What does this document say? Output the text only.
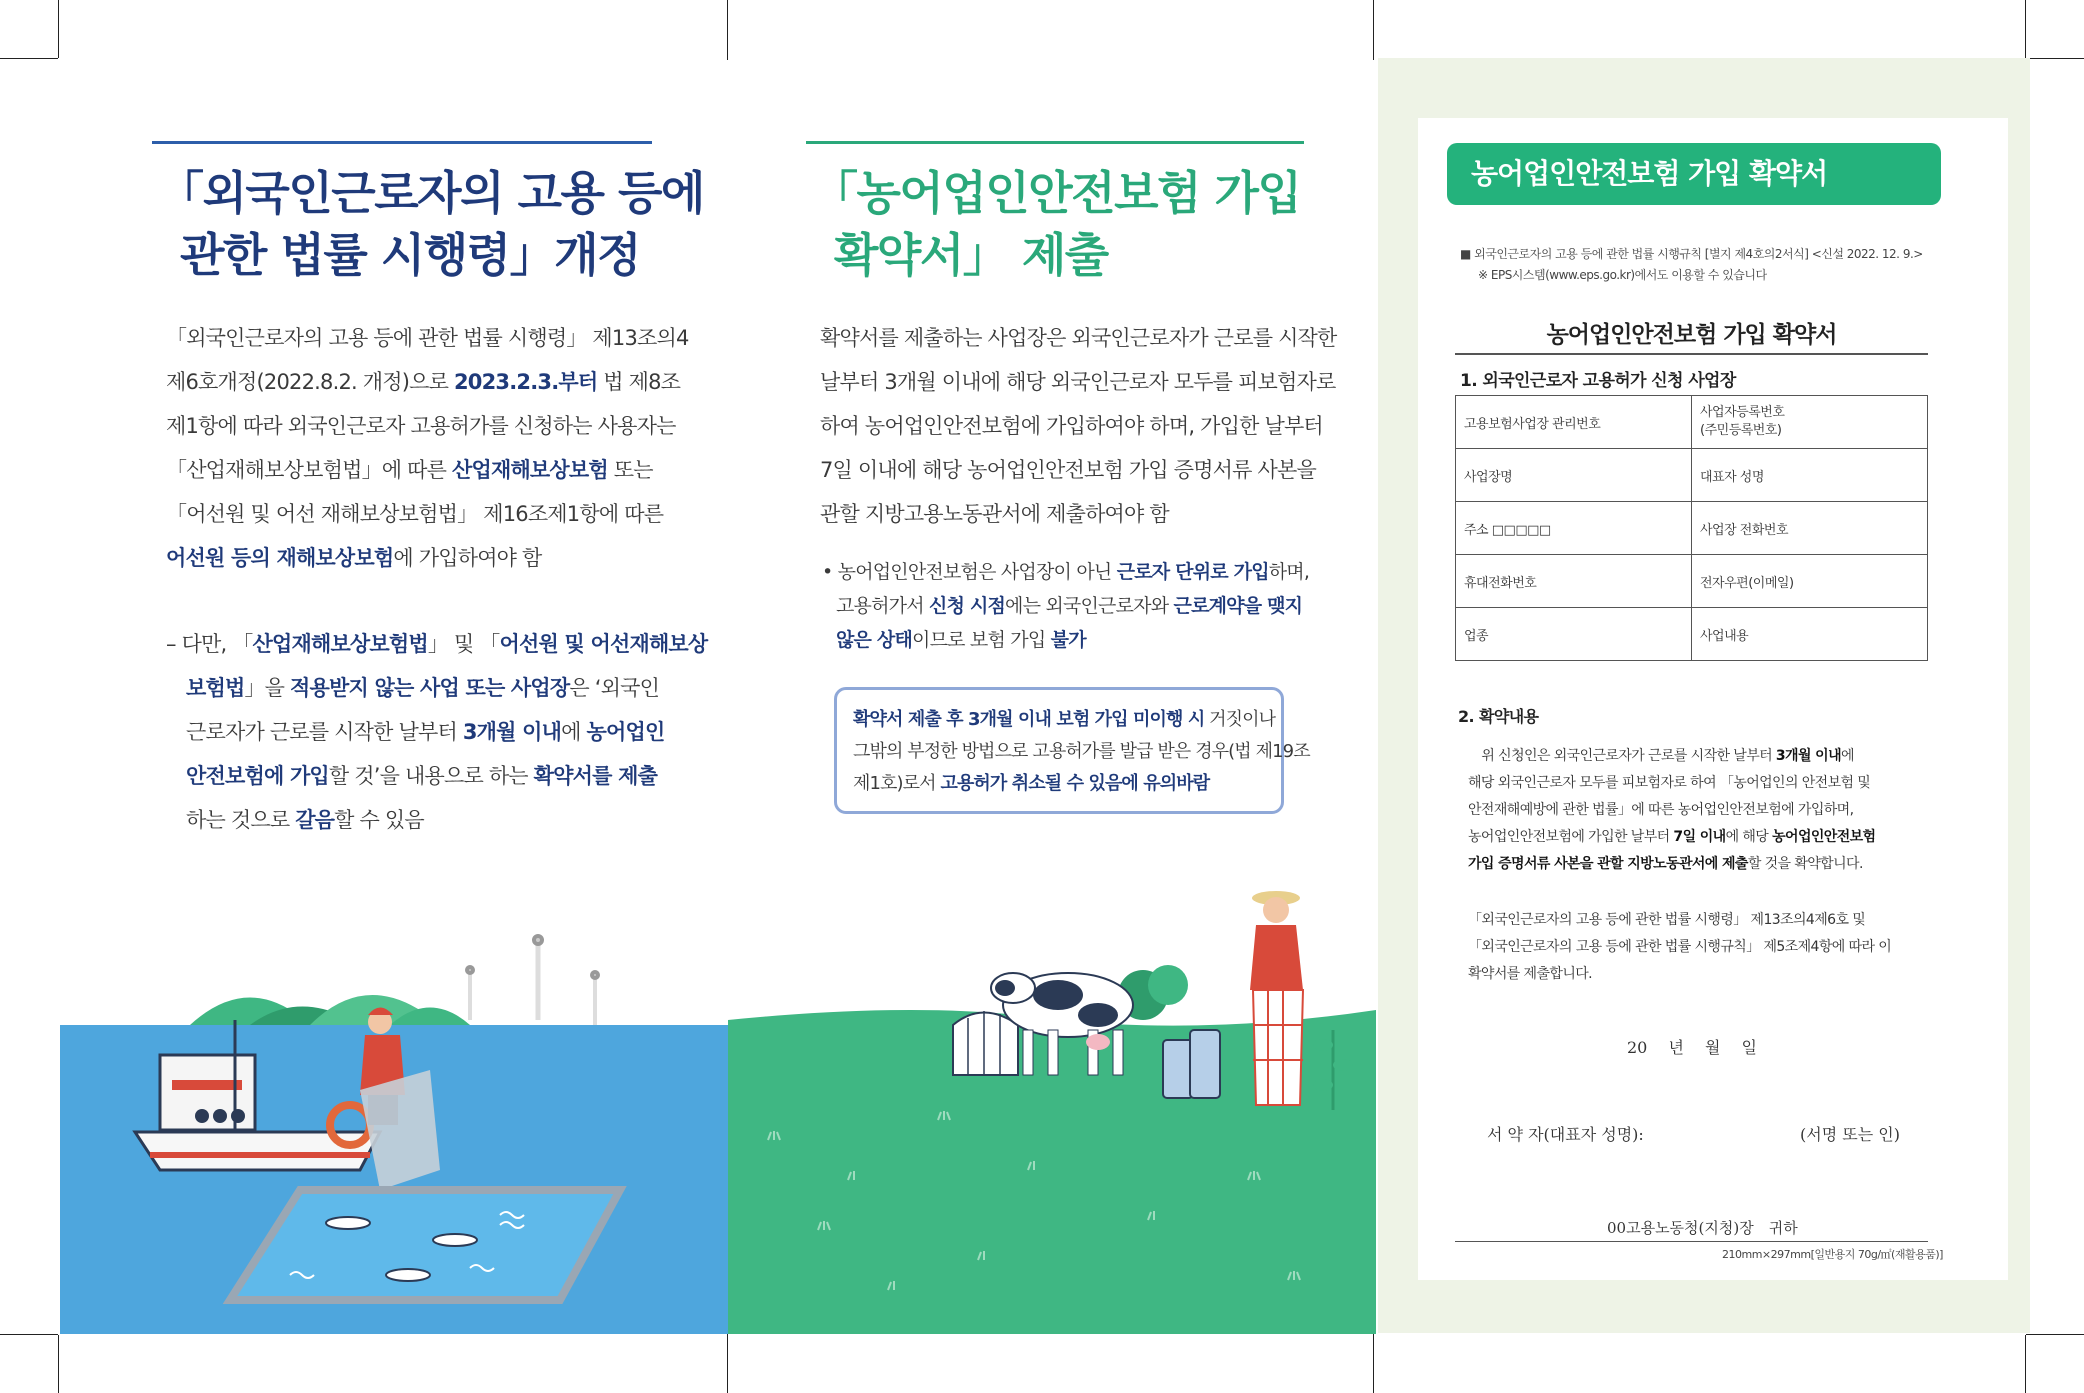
「외국인근로자의 고용 등에
관한 법률 시행령」개정
「외국인근로자의 고용 등에 관한 법률 시행령」 제13조의4
제6호개정(2022.8.2. 개정)으로 2023.2.3.부터 법 제8조
제1항에 따라 외국인근로자 고용허가를 신청하는 사용자는
「산업재해보상보험법」에 따른 산업재해보상보험 또는
「어선원 및 어선 재해보상보험법」 제16조제1항에 따른
어선원 등의 재해보상보험에 가입하여야 함
– 다만, 「산업재해보상보험법」 및 「어선원 및 어선재해보상
보험법」을 적용받지 않는 사업 또는 사업장은 ‘외국인
근로자가 근로를 시작한 날부터 3개월 이내에 농어업인
안전보험에 가입할 것’을 내용으로 하는 확약서를 제출
하는 것으로 갈음할 수 있음
「농어업인안전보험 가입
확약서」 제출
확약서를 제출하는 사업장은 외국인근로자가 근로를 시작한
날부터 3개월 이내에 해당 외국인근로자 모두를 피보험자로
하여 농어업인안전보험에 가입하여야 하며, 가입한 날부터
7일 이내에 해당 농어업인안전보험 가입 증명서류 사본을
관할 지방고용노동관서에 제출하여야 함
• 농어업인안전보험은 사업장이 아닌 근로자 단위로 가입하며,
고용허가서 신청 시점에는 외국인근로자와 근로계약을 맺지
않은 상태이므로 보험 가입 불가
확약서 제출 후 3개월 이내 보험 가입 미이행 시 거짓이나
그밖의 부정한 방법으로 고용허가를 발급 받은 경우(법 제19조
제1호)로서 고용허가 취소될 수 있음에 유의바람
농어업인안전보험 가입 확약서
■ 외국인근로자의 고용 등에 관한 법률 시행규칙 [별지 제4호의2서식] <신설 2022. 12. 9.>
※ EPS시스템(www.eps.go.kr)에서도 이용할 수 있습니다
농어업인안전보험 가입 확약서
1. 외국인근로자 고용허가 신청 사업장
고용보험사업장 관리번호	사업자등록번호
(주민등록번호)
사업장명	대표자 성명
주소 □□□□□	사업장 전화번호
휴대전화번호	전자우편(이메일)
업종	사업내용
2. 확약내용
　위 신청인은 외국인근로자가 근로를 시작한 날부터 3개월 이내에
해당 외국인근로자 모두를 피보험자로 하여 「농어업인의 안전보험 및
안전재해예방에 관한 법률」에 따른 농어업인안전보험에 가입하며,
농어업인안전보험에 가입한 날부터 7일 이내에 해당 농어업인안전보험
가입 증명서류 사본을 관할 지방노동관서에 제출할 것을 확약합니다.
「외국인근로자의 고용 등에 관한 법률 시행령」 제13조의4제6호 및
「외국인근로자의 고용 등에 관한 법률 시행규칙」 제5조제4항에 따라 이
확약서를 제출합니다.
20　 년　 월　 일
서 약 자(대표자 성명):	(서명 또는 인)
00고용노동청(지청)장　귀하
210mm×297mm[일반용지 70g/㎡(재활용품)]
